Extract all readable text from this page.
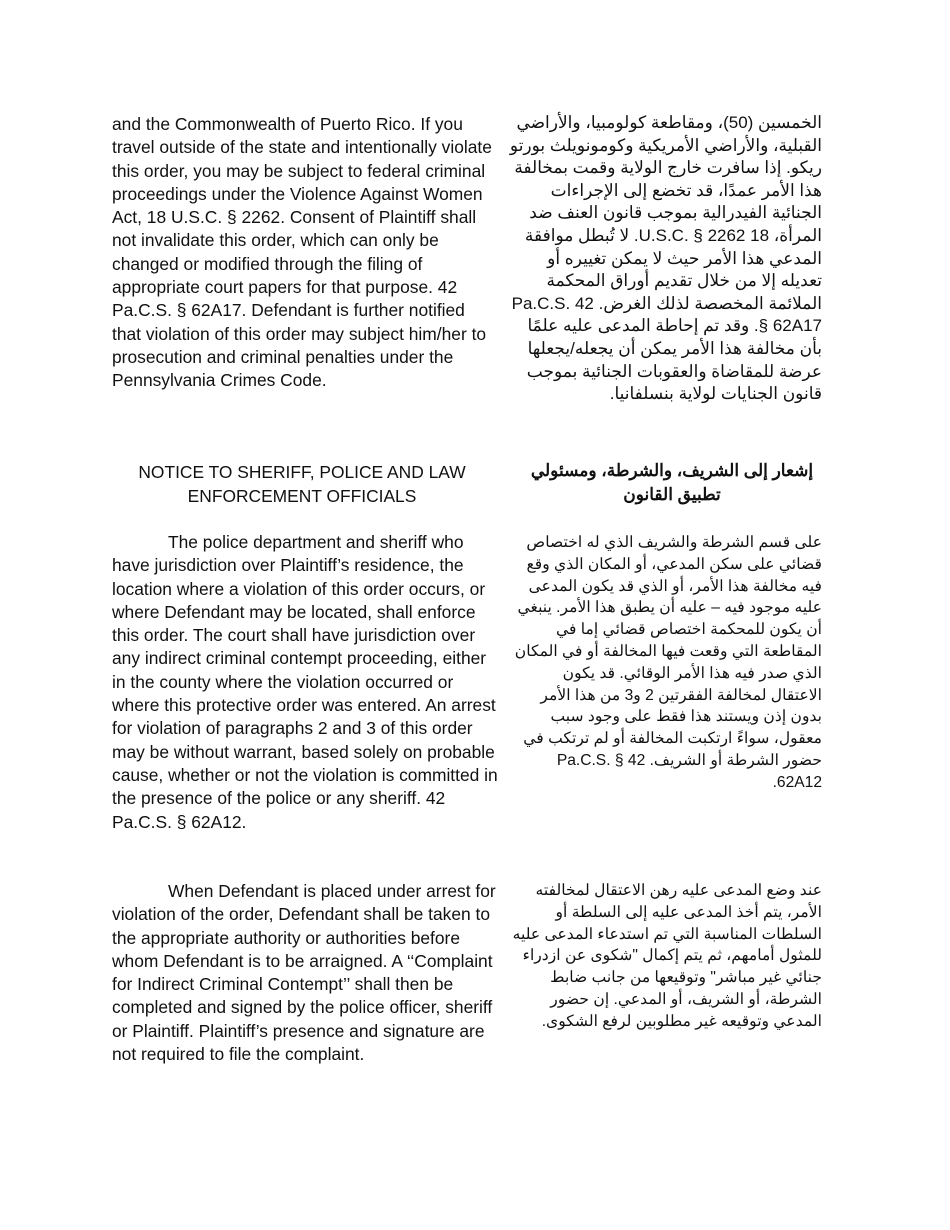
and the Commonwealth of Puerto Rico. If you travel outside of the state and intentionally violate this order, you may be subject to federal criminal proceedings under the Violence Against Women Act, 18 U.S.C. § 2262. Consent of Plaintiff shall not invalidate this order, which can only be changed or modified through the filing of appropriate court papers for that purpose. 42 Pa.C.S. § 62A17. Defendant is further notified that violation of this order may subject him/her to prosecution and criminal penalties under the Pennsylvania Crimes Code.

NOTICE TO SHERIFF, POLICE AND LAW ENFORCEMENT OFFICIALS

The police department and sheriff who have jurisdiction over Plaintiff’s residence, the location where a violation of this order occurs, or where Defendant may be located, shall enforce this order. The court shall have jurisdiction over any indirect criminal contempt proceeding, either in the county where the violation occurred or where this protective order was entered. An arrest for violation of paragraphs 2 and 3 of this order may be without warrant, based solely on probable cause, whether or not the violation is committed in the presence of the police or any sheriff. 42 Pa.C.S. § 62A12.

When Defendant is placed under arrest for violation of the order, Defendant shall be taken to the appropriate authority or authorities before whom Defendant is to be arraigned. A ‘‘Complaint for Indirect Criminal Contempt’’ shall then be completed and signed by the police officer, sheriff or Plaintiff. Plaintiff’s presence and signature are not required to file the complaint.

الخمسين (50)، ومقاطعة كولومبيا، والأراضي القبلية، والأراضي الأمريكية وكومونويلث بورتو ريكو. إذا سافرت خارج الولاية وقمت بمخالفة هذا الأمر عمدًا، قد تخضع إلى الإجراءات الجنائية الفيدرالية بموجب قانون العنف ضد المرأة، 18 U.S.C. § 2262. لا تُبطل موافقة المدعي هذا الأمر حيث لا يمكن تغييره أو تعديله إلا من خلال تقديم أوراق المحكمة الملائمة المخصصة لذلك الغرض. 42 Pa.C.S. § 62A17. وقد تم إحاطة المدعى عليه علمًا بأن مخالفة هذا الأمر يمكن أن يجعله/يجعلها عرضة للمقاضاة والعقوبات الجنائية بموجب قانون الجنايات لولاية بنسلفانيا.

إشعار إلى الشريف، والشرطة، ومسئولي تطبيق القانون

على قسم الشرطة والشريف الذي له اختصاص قضائي على سكن المدعي، أو المكان الذي وقع فيه مخالفة هذا الأمر، أو الذي قد يكون المدعى عليه موجود فيه – عليه أن يطبق هذا الأمر. ينبغي أن يكون للمحكمة اختصاص قضائي إما في المقاطعة التي وقعت فيها المخالفة أو في المكان الذي صدر فيه هذا الأمر الوقائي. قد يكون الاعتقال لمخالفة الفقرتين 2 و3 من هذا الأمر بدون إذن ويستند هذا فقط على وجود سبب معقول، سواءً ارتكبت المخالفة أو لم ترتكب في حضور الشرطة أو الشريف. 42 Pa.C.S. § 62A12.

عند وضع المدعى عليه رهن الاعتقال لمخالفته الأمر، يتم أخذ المدعى عليه إلى السلطة أو السلطات المناسبة التي تم استدعاء المدعى عليه للمثول أمامهم، ثم يتم إكمال "شكوى عن ازدراء جنائي غير مباشر" وتوقيعها من جانب ضابط الشرطة، أو الشريف، أو المدعي. إن حضور المدعي وتوقيعه غير مطلوبين لرفع الشكوى.
